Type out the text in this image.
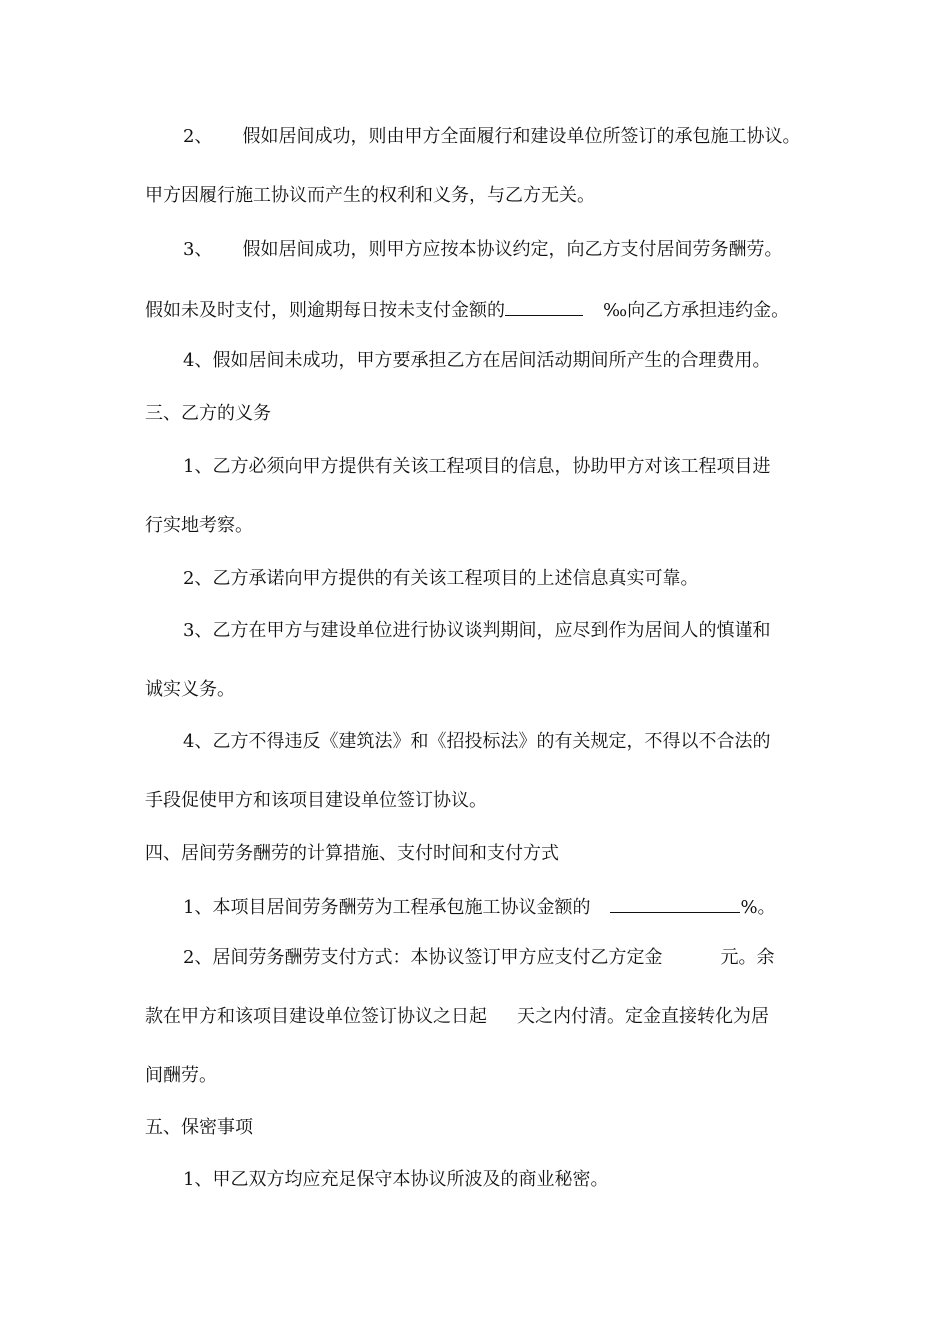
2、 假如居间成功，则由甲方全面履行和建设单位所签订的承包施工协议。
甲方因履行施工协议而产生的权利和义务，与乙方无关。
3、 假如居间成功，则甲方应按本协议约定，向乙方支付居间劳务酬劳。
假如未及时支付，则逾期每日按未支付金额的	‰向乙方承担违约金。
4、假如居间未成功，甲方要承担乙方在居间活动期间所产生的合理费用。
三、乙方的义务
1、乙方必须向甲方提供有关该工程项目的信息，协助甲方对该工程项目进
行实地考察。
2、乙方承诺向甲方提供的有关该工程项目的上述信息真实可靠。
3、乙方在甲方与建设单位进行协议谈判期间，应尽到作为居间人的慎谨和
诚实义务。
4、乙方不得违反《建筑法》和《招投标法》的有关规定，不得以不合法的
手段促使甲方和该项目建设单位签订协议。
四、居间劳务酬劳的计算措施、支付时间和支付方式
1、本项目居间劳务酬劳为工程承包施工协议金额的	%。
2、居间劳务酬劳支付方式：本协议签订甲方应支付乙方定金	元。余
款在甲方和该项目建设单位签订协议之日起 天之内付清。定金直接转化为居
间酬劳。
五、保密事项
1、甲乙双方均应充足保守本协议所波及的商业秘密。
